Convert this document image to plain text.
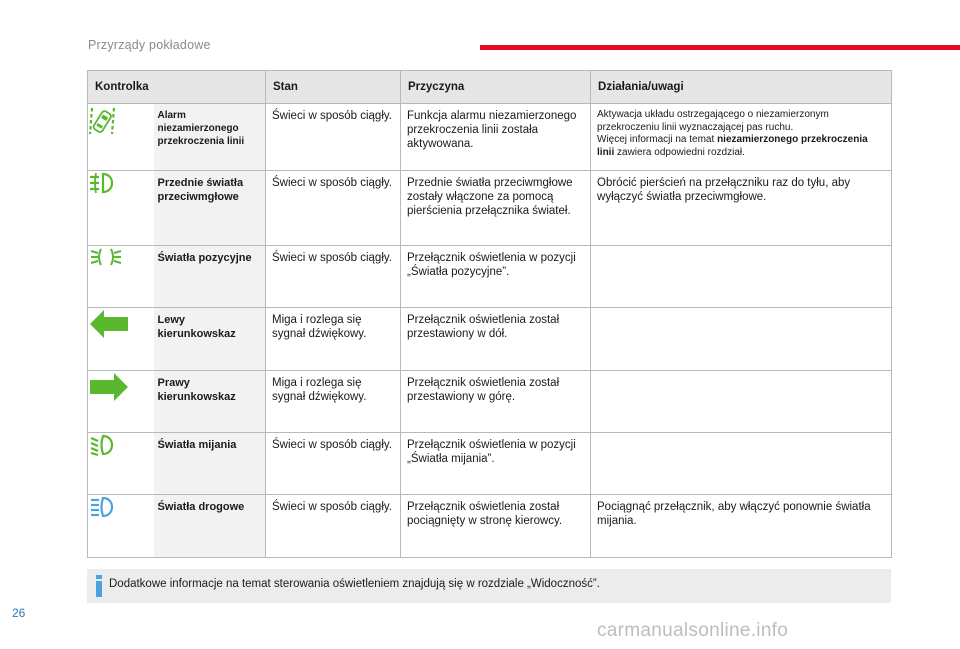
Przyrządy pokładowe
Kontrolka		Stan	Przyczyna	Działania/uwagi

	Alarm niezamierzonego przekroczenia linii	Świeci w sposób ciągły.	Funkcja alarmu niezamierzonego przekroczenia linii została aktywowana.	Aktywacja układu ostrzegającego o niezamierzonym przekroczeniu linii wyznaczającej pas ruchu.
Więcej informacji na temat niezamierzonego przekroczenia linii zawiera odpowiedni rozdział.

	Przednie światła przeciwmgłowe	Świeci w sposób ciągły.	Przednie światła przeciwmgłowe zostały włączone za pomocą pierścienia przełącznika świateł.	Obrócić pierścień na przełączniku raz do tyłu, aby wyłączyć światła przeciwmgłowe.

	Światła pozycyjne	Świeci w sposób ciągły.	Przełącznik oświetlenia w pozycji „Światła pozycyjne”.	

	Lewy kierunkowskaz	Miga i rozlega się sygnał dźwiękowy.	Przełącznik oświetlenia został przestawiony w dół.	

	Prawy kierunkowskaz	Miga i rozlega się sygnał dźwiękowy.	Przełącznik oświetlenia został przestawiony w górę.	

	Światła mijania	Świeci w sposób ciągły.	Przełącznik oświetlenia w pozycji „Światła mijania”.	

	Światła drogowe	Świeci w sposób ciągły.	Przełącznik oświetlenia został pociągnięty w stronę kierowcy.	Pociągnąć przełącznik, aby włączyć ponownie światła mijania.
Dodatkowe informacje na temat sterowania oświetleniem znajdują się w rozdziale „Widoczność”.
26
carmanualsonline.info
